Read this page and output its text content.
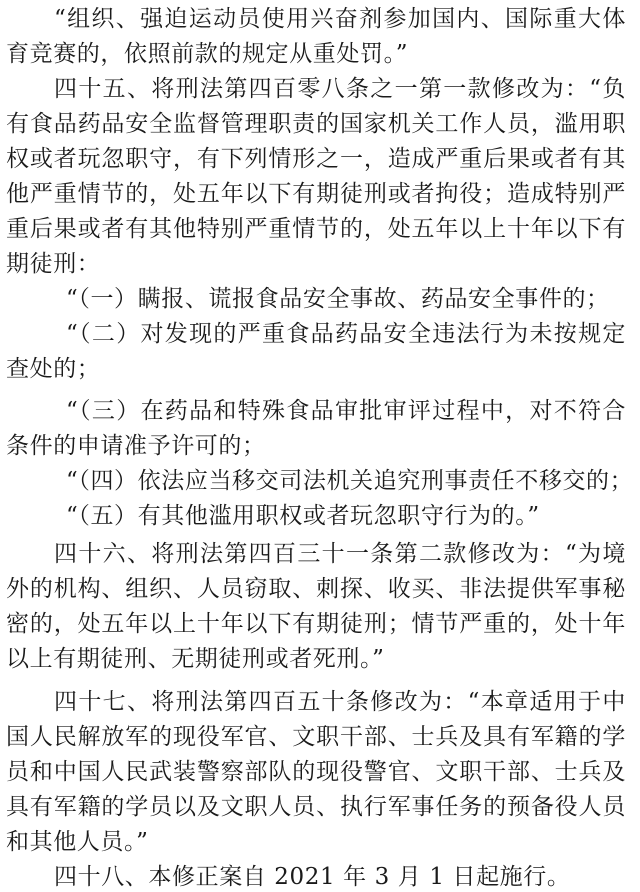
“组织、强迫运动员使用兴奋剂参加国内、国际重大体
育竞赛的，依照前款的规定从重处罚。”
四十五、将刑法第四百零八条之一第一款修改为：“负
有食品药品安全监督管理职责的国家机关工作人员，滥用职
权或者玩忽职守，有下列情形之一，造成严重后果或者有其
他严重情节的，处五年以下有期徒刑或者拘役；造成特别严
重后果或者有其他特别严重情节的，处五年以上十年以下有
期徒刑：
“（一）瞒报、谎报食品安全事故、药品安全事件的；
“（二）对发现的严重食品药品安全违法行为未按规定
查处的；
“（三）在药品和特殊食品审批审评过程中，对不符合
条件的申请准予许可的；
“（四）依法应当移交司法机关追究刑事责任不移交的；
“（五）有其他滥用职权或者玩忽职守行为的。”
四十六、将刑法第四百三十一条第二款修改为：“为境
外的机构、组织、人员窃取、刺探、收买、非法提供军事秘
密的，处五年以上十年以下有期徒刑；情节严重的，处十年
以上有期徒刑、无期徒刑或者死刑。”
四十七、将刑法第四百五十条修改为：“本章适用于中
国人民解放军的现役军官、文职干部、士兵及具有军籍的学
员和中国人民武装警察部队的现役警官、文职干部、士兵及
具有军籍的学员以及文职人员、执行军事任务的预备役人员
和其他人员。”
四十八、本修正案自 2021 年 3 月 1 日起施行。
